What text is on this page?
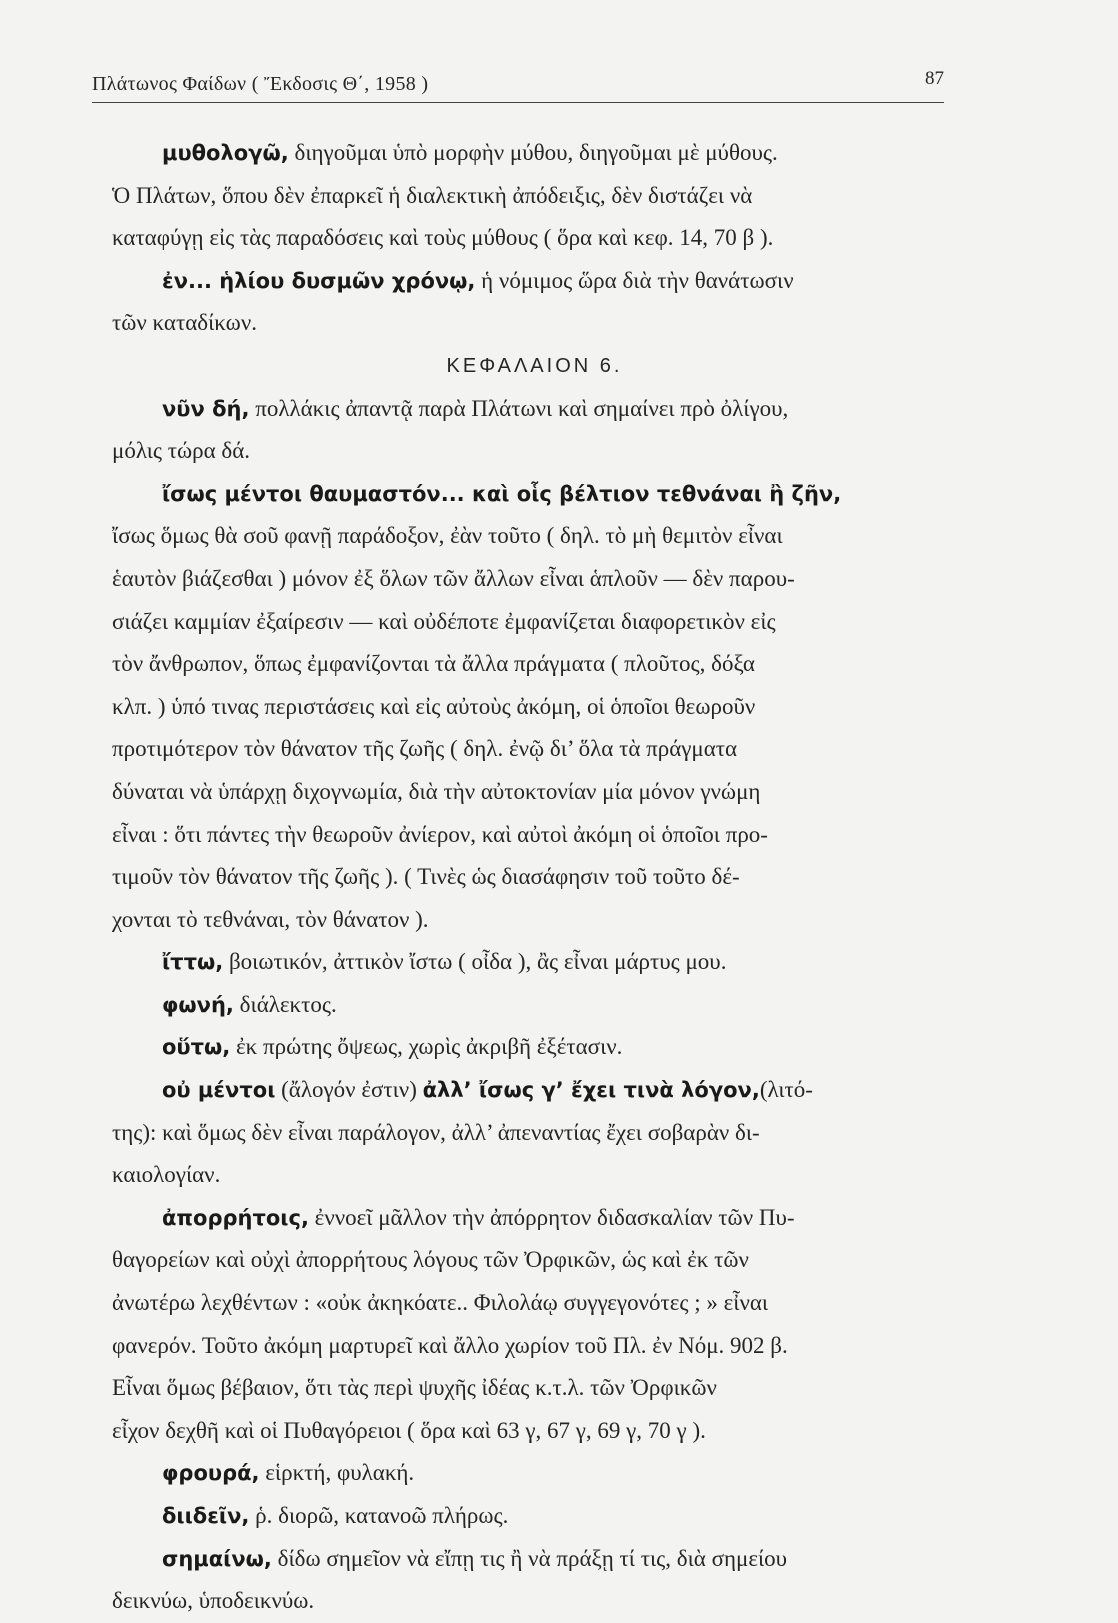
Πλάτωνος Φαίδων ( Ἔκδοσις Θ΄, 1958 )	87
μυθολογῶ, διηγοῦμαι ὑπὸ μορφὴν μύθου, διηγοῦμαι μὲ μύθους.
Ὁ Πλάτων, ὅπου δὲν ἐπαρκεῖ ἡ διαλεκτικὴ ἀπόδειξις, δὲν διστάζει νὰ
καταφύγῃ εἰς τὰς παραδόσεις καὶ τοὺς μύθους ( ὅρα καὶ κεφ. 14, 70 β ).
ἐν... ἡλίου δυσμῶν χρόνῳ, ἡ νόμιμος ὥρα διὰ τὴν θανάτωσιν
τῶν καταδίκων.
ΚΕΦΑΛΑΙΟΝ 6.
νῦν δή, πολλάκις ἀπαντᾷ παρὰ Πλάτωνι καὶ σημαίνει πρὸ ὀλίγου,
μόλις τώρα δά.
ἴσως μέντοι θαυμαστόν... καὶ οἷς βέλτιον τεθνάναι ἢ ζῆν,
ἴσως ὅμως θὰ σοῦ φανῇ παράδοξον, ἐὰν τοῦτο ( δηλ. τὸ μὴ θεμιτὸν εἶναι
ἑαυτὸν βιάζεσθαι ) μόνον ἐξ ὅλων τῶν ἄλλων εἶναι ἁπλοῦν — δὲν παρου-
σιάζει καμμίαν ἐξαίρεσιν — καὶ οὐδέποτε ἐμφανίζεται διαφορετικὸν εἰς
τὸν ἄνθρωπον, ὅπως ἐμφανίζονται τὰ ἄλλα πράγματα ( πλοῦτος, δόξα
κλπ. ) ὑπό τινας περιστάσεις καὶ εἰς αὐτοὺς ἀκόμη, οἱ ὁποῖοι θεωροῦν
προτιμότερον τὸν θάνατον τῆς ζωῆς ( δηλ. ἐνῷ δι’ ὅλα τὰ πράγματα
δύναται νὰ ὑπάρχῃ διχογνωμία, διὰ τὴν αὐτοκτονίαν μία μόνον γνώμη
εἶναι : ὅτι πάντες τὴν θεωροῦν ἀνίερον, καὶ αὐτοὶ ἀκόμη οἱ ὁποῖοι προ-
τιμοῦν τὸν θάνατον τῆς ζωῆς ). ( Τινὲς ὡς διασάφησιν τοῦ τοῦτο δέ-
χονται τὸ τεθνάναι, τὸν θάνατον ).
ἴττω, βοιωτικόν, ἀττικὸν ἴστω ( οἶδα ), ἂς εἶναι μάρτυς μου.
φωνή, διάλεκτος.
οὕτω, ἐκ πρώτης ὄψεως, χωρὶς ἀκριβῆ ἐξέτασιν.
οὐ μέντοι (ἄλογόν ἐστιν) ἀλλ’ ἴσως γ’ ἔχει τινὰ λόγον,(λιτό-
της): καὶ ὅμως δὲν εἶναι παράλογον, ἀλλ’ ἀπεναντίας ἔχει σοβαρὰν δι-
καιολογίαν.
ἀπορρήτοις, ἐννοεῖ μᾶλλον τὴν ἀπόρρητον διδασκαλίαν τῶν Πυ-
θαγορείων καὶ οὐχὶ ἀπορρήτους λόγους τῶν Ὀρφικῶν, ὡς καὶ ἐκ τῶν
ἀνωτέρω λεχθέντων : «οὐκ ἀκηκόατε.. Φιλολάῳ συγγεγονότες ; » εἶναι
φανερόν. Τοῦτο ἀκόμη μαρτυρεῖ καὶ ἄλλο χωρίον τοῦ Πλ. ἐν Νόμ. 902 β.
Εἶναι ὅμως βέβαιον, ὅτι τὰς περὶ ψυχῆς ἰδέας κ.τ.λ. τῶν Ὀρφικῶν
εἶχον δεχθῆ καὶ οἱ Πυθαγόρειοι ( ὅρα καὶ 63 γ, 67 γ, 69 γ, 70 γ ).
φρουρά, εἱρκτή, φυλακή.
διιδεῖν, ῥ. διορῶ, κατανοῶ πλήρως.
σημαίνω, δίδω σημεῖον νὰ εἴπῃ τις ἢ νὰ πράξῃ τί τις, διὰ σημείου
δεικνύω, ὑποδεικνύω.
